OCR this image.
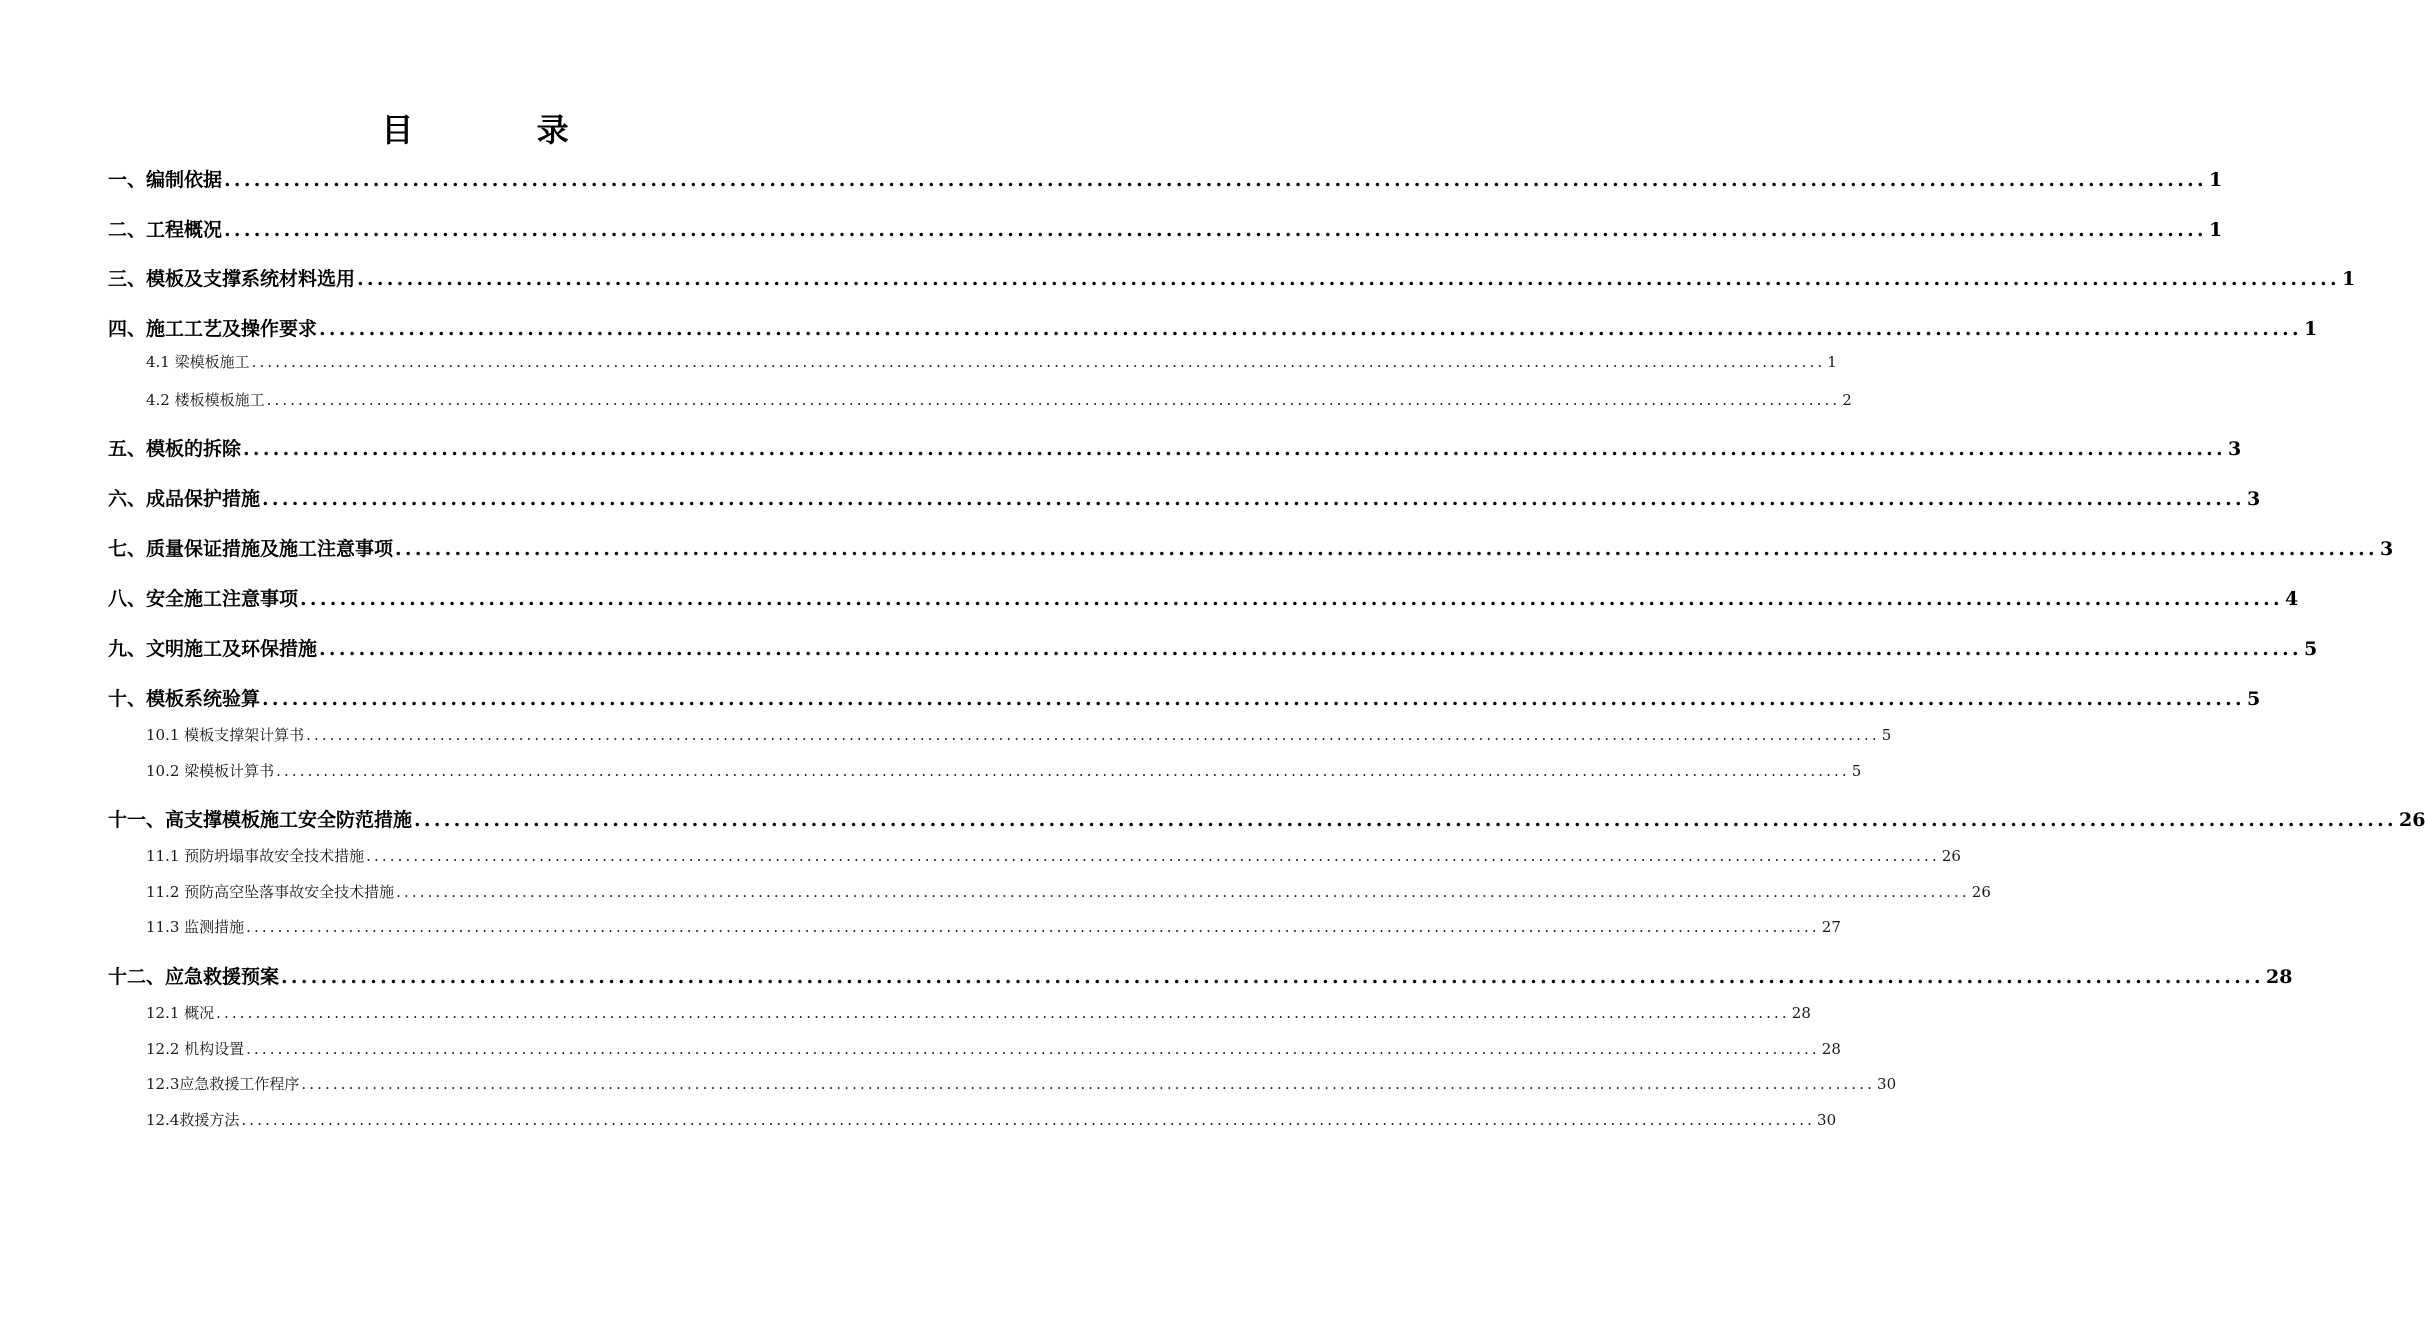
目 录
一、编制依据 ........................................................................................................................................................................................................ 1
二、工程概况 ........................................................................................................................................................................................................ 1
三、模板及支撑系统材料选用 ........................................................................................................................................................................................................ 1
四、施工工艺及操作要求 ........................................................................................................................................................................................................ 1
4.1 梁模板施工 ........................................................................................................................................................................................................ 1
4.2 楼板模板施工 ........................................................................................................................................................................................................ 2
五、模板的拆除 ........................................................................................................................................................................................................ 3
六、成品保护措施 ........................................................................................................................................................................................................ 3
七、质量保证措施及施工注意事项 ........................................................................................................................................................................................................ 3
八、安全施工注意事项 ........................................................................................................................................................................................................ 4
九、文明施工及环保措施 ........................................................................................................................................................................................................ 5
十、模板系统验算 ........................................................................................................................................................................................................ 5
10.1 模板支撑架计算书 ........................................................................................................................................................................................................ 5
10.2 梁模板计算书 ........................................................................................................................................................................................................ 5
十一、高支撑模板施工安全防范措施 ........................................................................................................................................................................................................ 26
11.1 预防坍塌事故安全技术措施 ........................................................................................................................................................................................................ 26
11.2 预防高空坠落事故安全技术措施 ........................................................................................................................................................................................................ 26
11.3 监测措施 ........................................................................................................................................................................................................ 27
十二、应急救援预案 ........................................................................................................................................................................................................ 28
12.1 概况 ........................................................................................................................................................................................................ 28
12.2 机构设置 ........................................................................................................................................................................................................ 28
12.3应急救援工作程序 ........................................................................................................................................................................................................ 30
12.4救援方法 ........................................................................................................................................................................................................ 30
